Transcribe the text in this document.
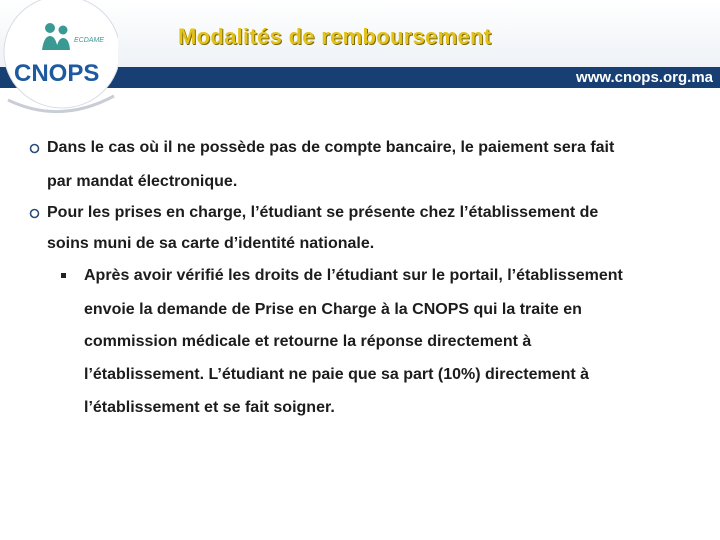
ECDAME
CNOPS
Modalités de remboursement
www.cnops.org.ma
Dans le cas où il ne possède pas de compte bancaire, le paiement sera fait
par mandat électronique.
Pour les prises en charge, l’étudiant se présente chez l’établissement de
soins muni de sa carte d’identité nationale.
Après avoir vérifié les droits de l’étudiant sur le portail, l’établissement
envoie la demande de Prise en Charge à la CNOPS qui la traite en
commission médicale et retourne la réponse directement à
l’établissement. L’étudiant ne paie que sa part (10%) directement à
l’établissement et se fait soigner.
